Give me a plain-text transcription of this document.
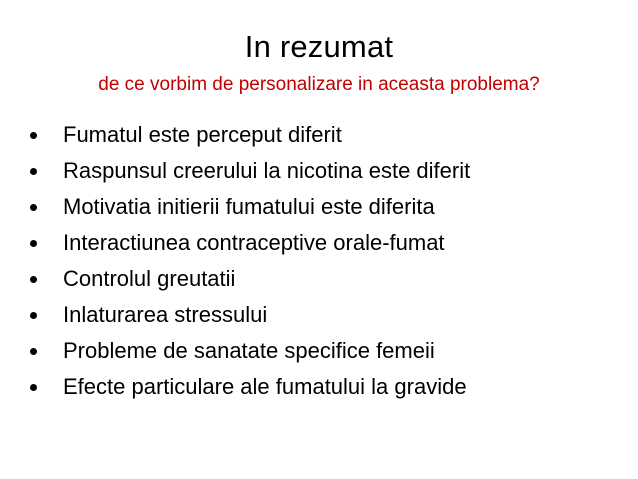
In rezumat
de ce vorbim de personalizare in aceasta problema?
Fumatul este perceput diferit
Raspunsul creerului la nicotina este diferit
Motivatia initierii fumatului este diferita
Interactiunea contraceptive orale-fumat
Controlul greutatii
Inlaturarea stressului
Probleme de sanatate specifice femeii
Efecte particulare ale fumatului la gravide
